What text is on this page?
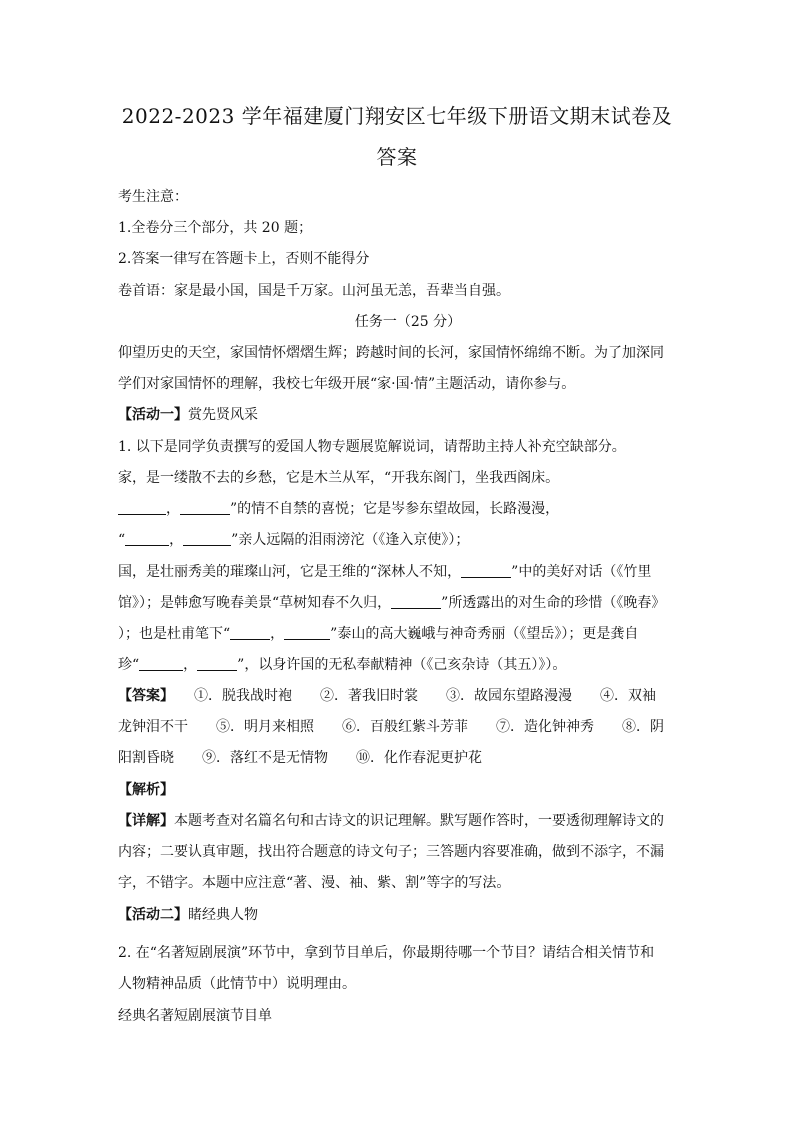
2022-2023 学年福建厦门翔安区七年级下册语文期末试卷及
答案
考生注意：
1.全卷分三个部分，共 20 题；
2.答案一律写在答题卡上，否则不能得分
卷首语：家是最小国，国是千万家。山河虽无恙，吾辈当自强。
任务一（25 分）
仰望历史的天空，家国情怀熠熠生辉；跨越时间的长河，家国情怀绵绵不断。为了加深同
学们对家国情怀的理解，我校七年级开展“家·国·情”主题活动，请你参与。
【活动一】赏先贤风采
1. 以下是同学负责撰写的爱国人物专题展览解说词，请帮助主持人补充空缺部分。
家，是一缕散不去的乡愁，它是木兰从军，“开我东阁门，坐我西阁床。
，	”的情不自禁的喜悦；它是岑参东望故园，长路漫漫，
“	，	”亲人远隔的泪雨滂沱（《逢入京使》）；
国，是壮丽秀美的璀璨山河，它是王维的“深林人不知，	”中的美好对话（《竹里
馆》）；是韩愈写晚春美景“草树知春不久归，	”所透露出的对生命的珍惜（《晚春》
）；也是杜甫笔下“	，	”泰山的高大巍峨与神奇秀丽（《望岳》）；更是龚自
珍“	，	”，以身许国的无私奉献精神（《己亥杂诗（其五）》）。
【答案】 ①．脱我战时袍　　②．著我旧时裳　　③．故园东望路漫漫　　④．双袖
龙钟泪不干　　⑤．明月来相照　　⑥．百般红紫斗芳菲　　⑦．造化钟神秀　　⑧．阴
阳割昏晓　　⑨．落红不是无情物　　⑩．化作春泥更护花
【解析】
【详解】本题考查对名篇名句和古诗文的识记理解。默写题作答时，一要透彻理解诗文的
内容；二要认真审题，找出符合题意的诗文句子；三答题内容要准确，做到不添字，不漏
字，不错字。本题中应注意“著、漫、袖、紫、割”等字的写法。
【活动二】睹经典人物
2. 在“名著短剧展演”环节中，拿到节目单后，你最期待哪一个节目？请结合相关情节和
人物精神品质（此情节中）说明理由。
经典名著短剧展演节目单
